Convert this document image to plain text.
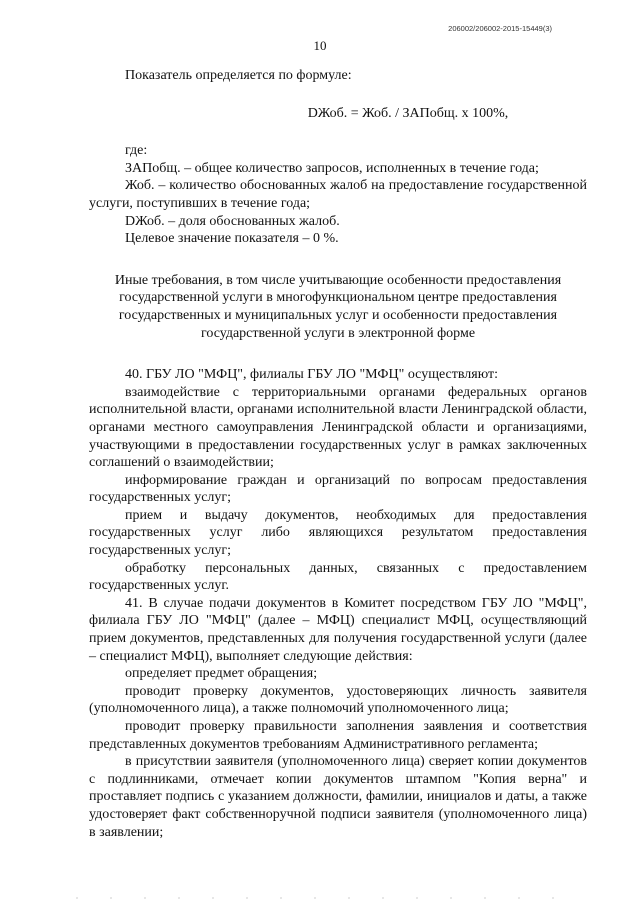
206002/206002-2015-15449(3)
10

Показатель определяется по формуле:

DЖоб. = Жоб. / ЗАПобщ. х 100%,

где:

ЗАПобщ. – общее количество запросов, исполненных в течение года;

Жоб. – количество обоснованных жалоб на предоставление государственной услуги, поступивших в течение года;

DЖоб. – доля обоснованных жалоб.

Целевое значение показателя – 0 %.

Иные требования, в том числе учитывающие особенности предоставления государственной услуги в многофункциональном центре предоставления государственных и муниципальных услуг и особенности предоставления государственной услуги в электронной форме

40. ГБУ ЛО "МФЦ", филиалы ГБУ ЛО "МФЦ" осуществляют:

взаимодействие с территориальными органами федеральных органов исполнительной власти, органами исполнительной власти Ленинградской области, органами местного самоуправления Ленинградской области и организациями, участвующими в предоставлении государственных услуг в рамках заключенных соглашений о взаимодействии;

информирование граждан и организаций по вопросам предоставления государственных услуг;

прием и выдачу документов, необходимых для предоставления государственных услуг либо являющихся результатом предоставления государственных услуг;

обработку персональных данных, связанных с предоставлением государственных услуг.

41. В случае подачи документов в Комитет посредством ГБУ ЛО "МФЦ", филиала ГБУ ЛО "МФЦ" (далее – МФЦ) специалист МФЦ, осуществляющий прием документов, представленных для получения государственной услуги (далее – специалист МФЦ), выполняет следующие действия:

определяет предмет обращения;

проводит проверку документов, удостоверяющих личность заявителя (уполномоченного лица), а также полномочий уполномоченного лица;

проводит проверку правильности заполнения заявления и соответствия представленных документов требованиям Административного регламента;

в присутствии заявителя (уполномоченного лица) сверяет копии документов с подлинниками, отмечает копии документов штампом "Копия верна" и проставляет подпись с указанием должности, фамилии, инициалов и даты, а также удостоверяет факт собственноручной подписи заявителя (уполномоченного лица) в заявлении;
